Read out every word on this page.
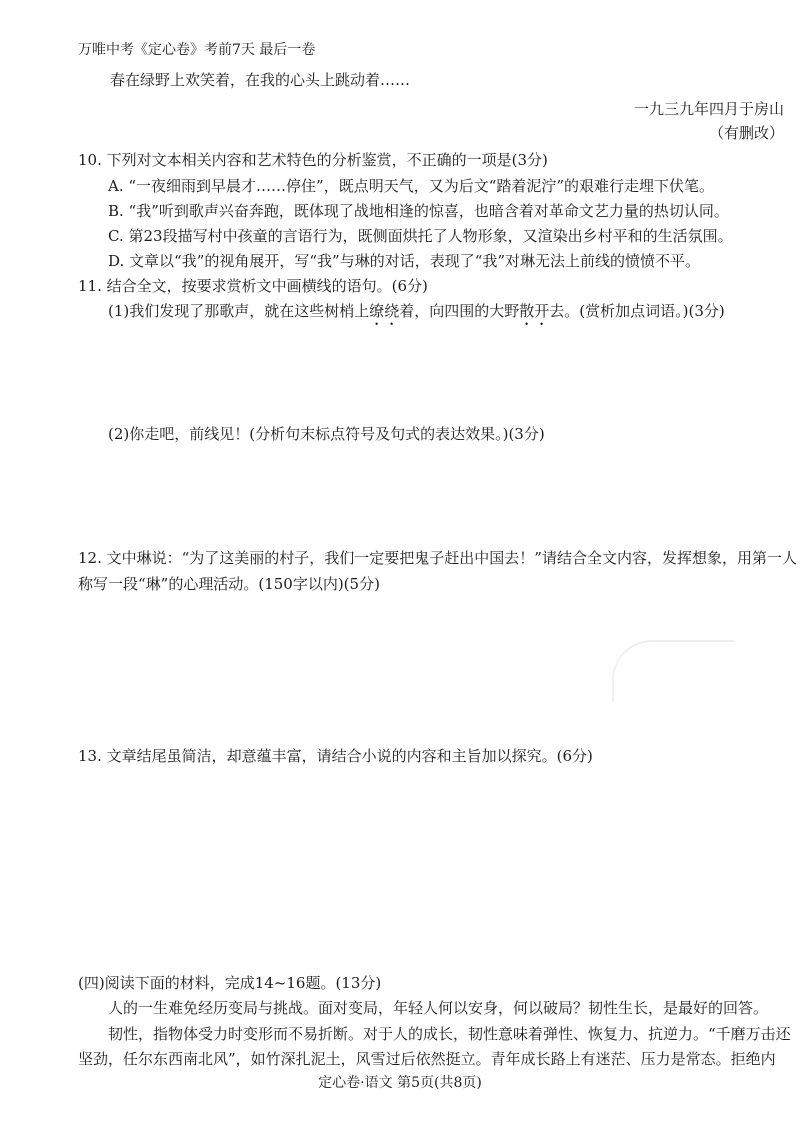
万唯中考《定心卷》考前7天 最后一卷
春在绿野上欢笑着，在我的心头上跳动着……
一九三九年四月于房山
（有删改）
10. 下列对文本相关内容和艺术特色的分析鉴赏，不正确的一项是(3分)
A. “一夜细雨到早晨才……停住”，既点明天气，又为后文“踏着泥泞”的艰难行走埋下伏笔。
B. “我”听到歌声兴奋奔跑，既体现了战地相逢的惊喜，也暗含着对革命文艺力量的热切认同。
C. 第23段描写村中孩童的言语行为，既侧面烘托了人物形象，又渲染出乡村平和的生活氛围。
D. 文章以“我”的视角展开，写“我”与琳的对话，表现了“我”对琳无法上前线的愤愤不平。
11. 结合全文，按要求赏析文中画横线的语句。(6分)
(1)我们发现了那歌声，就在这些树梢上缭绕着，向四围的大野散开去。(赏析加点词语。)(3分)
(2)你走吧，前线见！(分析句末标点符号及句式的表达效果。)(3分)
12. 文中琳说：“为了这美丽的村子，我们一定要把鬼子赶出中国去！”请结合全文内容，发挥想象，用第一人
称写一段“琳”的心理活动。(150字以内)(5分)
13. 文章结尾虽简洁，却意蕴丰富，请结合小说的内容和主旨加以探究。(6分)
(四)阅读下面的材料，完成14~16题。(13分)
人的一生难免经历变局与挑战。面对变局，年轻人何以安身，何以破局？韧性生长，是最好的回答。
韧性，指物体受力时变形而不易折断。对于人的成长，韧性意味着弹性、恢复力、抗逆力。“千磨万击还
坚劲，任尔东西南北风”，如竹深扎泥土，风雪过后依然挺立。青年成长路上有迷茫、压力是常态。拒绝内
定心卷·语文 第5页(共8页)
